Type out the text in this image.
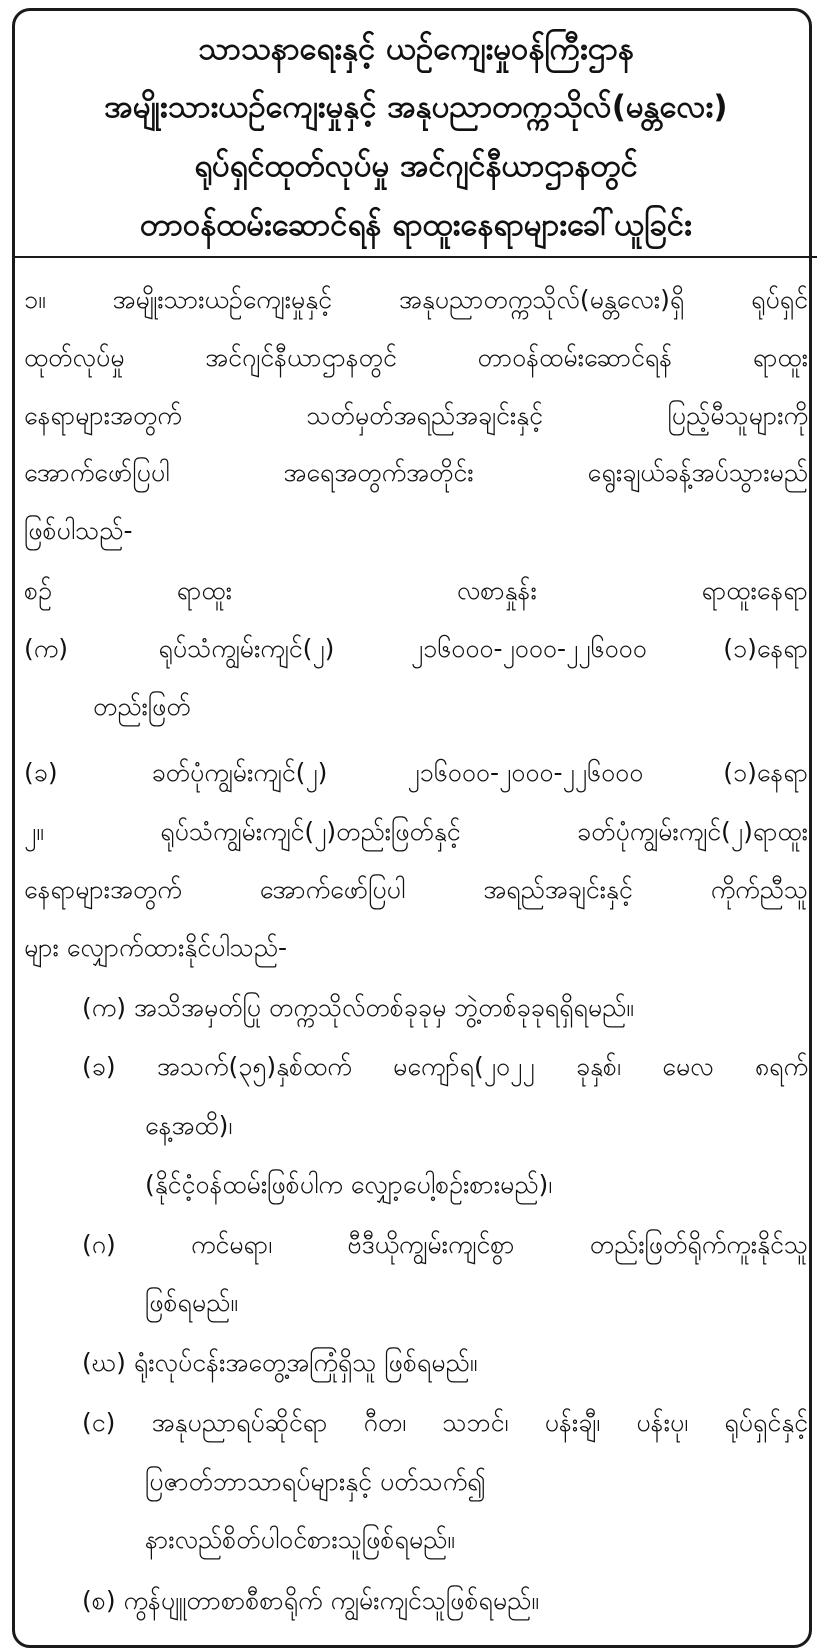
သာသနာရေးနှင့် ယဉ်ကျေးမှုဝန်ကြီးဌာန
အမျိုးသားယဉ်ကျေးမှုနှင့် အနုပညာတက္ကသိုလ်(မန္တလေး)
ရုပ်ရှင်ထုတ်လုပ်မှု အင်ဂျင်နီယာဌာနတွင်
တာဝန်ထမ်းဆောင်ရန် ရာထူးနေရာများခေါ်ယူခြင်း
၁။ အမျိုးသားယဉ်ကျေးမှုနှင့် အနုပညာတက္ကသိုလ်(မန္တလေး)ရှိ ရုပ်ရှင်
ထုတ်လုပ်မှု အင်ဂျင်နီယာဌာနတွင် တာဝန်ထမ်းဆောင်ရန် ရာထူး
နေရာများအတွက် သတ်မှတ်အရည်အချင်းနှင့် ပြည့်မီသူများကို
အောက်ဖော်ပြပါ အရေအတွက်အတိုင်း ရွေးချယ်ခန့်အပ်သွားမည်
ဖြစ်ပါသည်-
စဉ်	ရာထူး	လစာနှုန်း	ရာထူးနေရာ
(က)	ရုပ်သံကျွမ်းကျင်(၂)	၂၁၆၀၀၀-၂၀၀၀-၂၂၆၀၀၀	(၁)နေရာ
တည်းဖြတ်
(ခ)	ခတ်ပုံကျွမ်းကျင်(၂)	၂၁၆၀၀၀-၂၀၀၀-၂၂၆၀၀၀	(၁)နေရာ
၂။ ရုပ်သံကျွမ်းကျင်(၂)တည်းဖြတ်နှင့် ခတ်ပုံကျွမ်းကျင်(၂)ရာထူး
နေရာများအတွက် အောက်ဖော်ပြပါ အရည်အချင်းနှင့် ကိုက်ညီသူ
များ လျှောက်ထားနိုင်ပါသည်-
(က) အသိအမှတ်ပြု တက္ကသိုလ်တစ်ခုခုမှ ဘွဲ့တစ်ခုခုရရှိရမည်။
(ခ) အသက်(၃၅)နှစ်ထက် မကျော်ရ(၂၀၂၂ ခုနှစ်၊ မေလ ၈ရက်
နေ့အထိ)၊
(နိုင်ငံ့ဝန်ထမ်းဖြစ်ပါက လျှော့ပေါ့စဉ်းစားမည်)၊
(ဂ) ကင်မရာ၊ ဗီဒီယိုကျွမ်းကျင်စွာ တည်းဖြတ်ရိုက်ကူးနိုင်သူ
ဖြစ်ရမည်။
(ဃ) ရုံးလုပ်ငန်းအတွေ့အကြုံရှိသူ ဖြစ်ရမည်။
(င) အနုပညာရပ်ဆိုင်ရာ ဂီတ၊ သဘင်၊ ပန်းချီ၊ ပန်းပု၊ ရုပ်ရှင်နှင့်
ပြဇာတ်ဘာသာရပ်များနှင့် ပတ်သက်၍
နားလည်စိတ်ပါဝင်စားသူဖြစ်ရမည်။
(စ) ကွန်ပျူတာစာစီစာရိုက် ကျွမ်းကျင်သူဖြစ်ရမည်။
